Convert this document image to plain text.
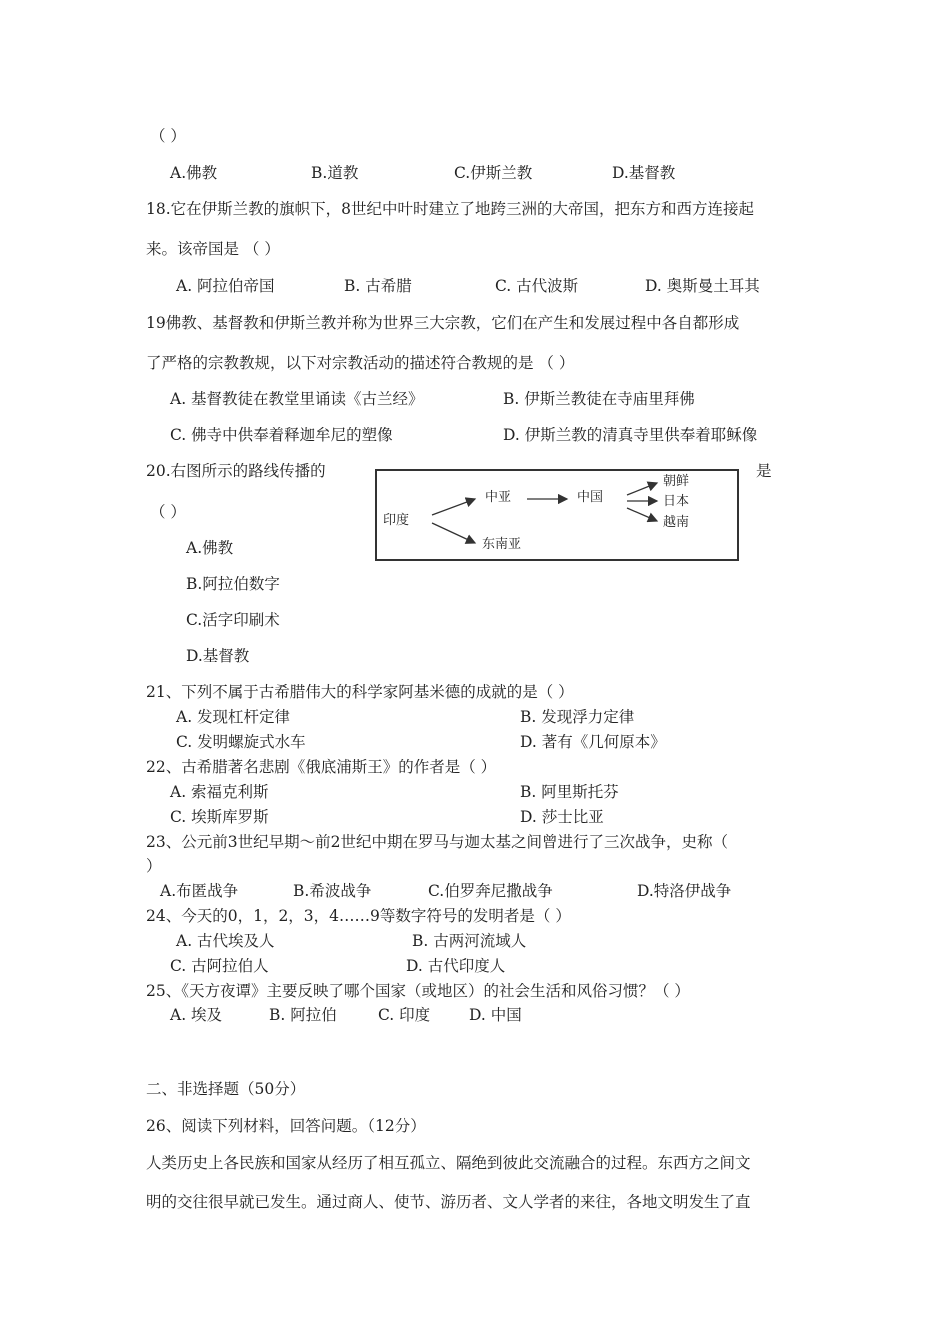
（ ）
A.佛教	B.道教	C.伊斯兰教	D.基督教
18.它在伊斯兰教的旗帜下，8世纪中叶时建立了地跨三洲的大帝国，把东方和西方连接起
来。该帝国是 （ ）
A. 阿拉伯帝国	B. 古希腊	C. 古代波斯	D. 奥斯曼土耳其
19佛教、基督教和伊斯兰教并称为世界三大宗教，它们在产生和发展过程中各自都形成
了严格的宗教教规，以下对宗教活动的描述符合教规的是 （ ）
A. 基督教徒在教堂里诵读《古兰经》	B. 伊斯兰教徒在寺庙里拜佛
C. 佛寺中供奉着释迦牟尼的塑像	D. 伊斯兰教的清真寺里供奉着耶稣像
20.右图所示的路线传播的	是
（ ）
A.佛教
B.阿拉伯数字
C.活字印刷术
D.基督教
印度
中亚	中国
东南亚
朝鲜
日本
越南
21、下列不属于古希腊伟大的科学家阿基米德的成就的是（ ）
A. 发现杠杆定律	B. 发现浮力定律
C. 发明螺旋式水车	D. 著有《几何原本》
22、古希腊著名悲剧《俄底浦斯王》的作者是（ ）
A. 索福克利斯	B. 阿里斯托芬
C. 埃斯库罗斯	D. 莎士比亚
23、公元前3世纪早期～前2世纪中期在罗马与迦太基之间曾进行了三次战争，史称（
）
A.布匿战争	B.希波战争	C.伯罗奔尼撒战争	D.特洛伊战争
24、今天的0，1，2，3，4……9等数字符号的发明者是（ ）
A. 古代埃及人	B. 古两河流域人
C. 古阿拉伯人	D. 古代印度人
25、《天方夜谭》主要反映了哪个国家（或地区）的社会生活和风俗习惯？（ ）
A. 埃及	B. 阿拉伯	C. 印度	D. 中国
二、非选择题（50分）
26、阅读下列材料，回答问题。（12分）
人类历史上各民族和国家从经历了相互孤立、隔绝到彼此交流融合的过程。东西方之间文
明的交往很早就已发生。通过商人、使节、游历者、文人学者的来往，各地文明发生了直
